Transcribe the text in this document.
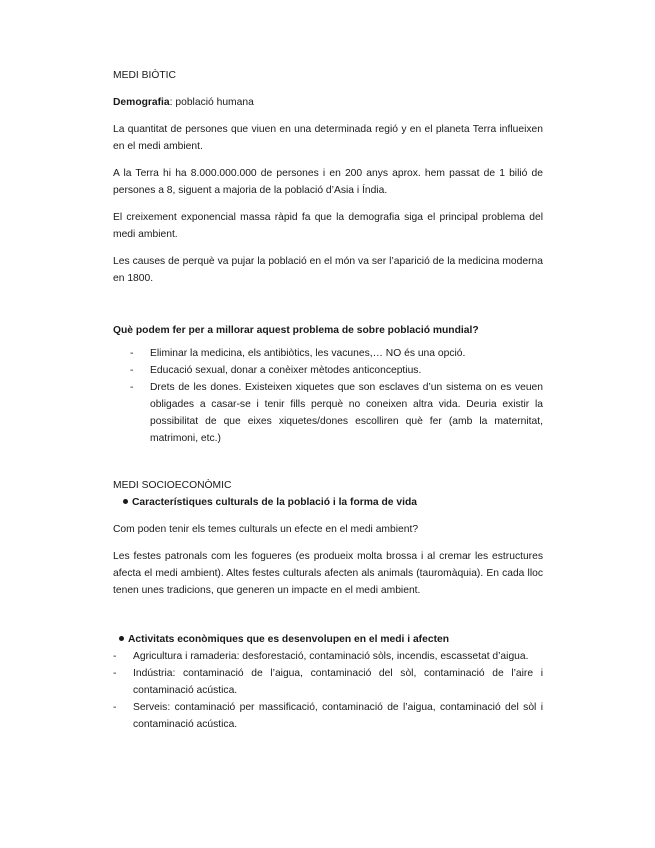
MEDI BIÒTIC

Demografia: població humana

La quantitat de persones que viuen en una determinada regió y en el planeta Terra influeixen en el medi ambient.

A la Terra hi ha 8.000.000.000 de persones i en 200 anys aprox. hem passat de 1 bilió de persones a 8, siguent a majoria de la població d’Asia i Índia.

El creixement exponencial massa ràpid fa que la demografia siga el principal problema del medi ambient.

Les causes de perquè va pujar la població en el món va ser l’aparició de la medicina moderna en 1800.

Què podem fer per a millorar aquest problema de sobre població mundial?

- Eliminar la medicina, els antibiòtics, les vacunes,… NO és una opció.
- Educació sexual, donar a conèixer mètodes anticonceptius.
- Drets de les dones. Existeixen xiquetes que son esclaves d’un sistema on es veuen obligades a casar-se i tenir fills perquè no coneixen altra vida. Deuria existir la possibilitat de que eixes xiquetes/dones escolliren què fer (amb la maternitat, matrimoni, etc.)

MEDI SOCIOECONÒMIC

Característiques culturals de la població i la forma de vida

Com poden tenir els temes culturals un efecte en el medi ambient?

Les festes patronals com les fogueres (es produeix molta brossa i al cremar les estructures afecta el medi ambient). Altes festes culturals afecten als animals (tauromàquia). En cada lloc tenen unes tradicions, que generen un impacte en el medi ambient.

Activitats econòmiques que es desenvolupen en el medi i afecten

- Agricultura i ramaderia: desforestació, contaminació sòls, incendis, escassetat d’aigua.
- Indústria: contaminació de l’aigua, contaminació del sòl, contaminació de l’aire i contaminació acústica.
- Serveis: contaminació per massificació, contaminació de l’aigua, contaminació del sòl i contaminació acústica.
